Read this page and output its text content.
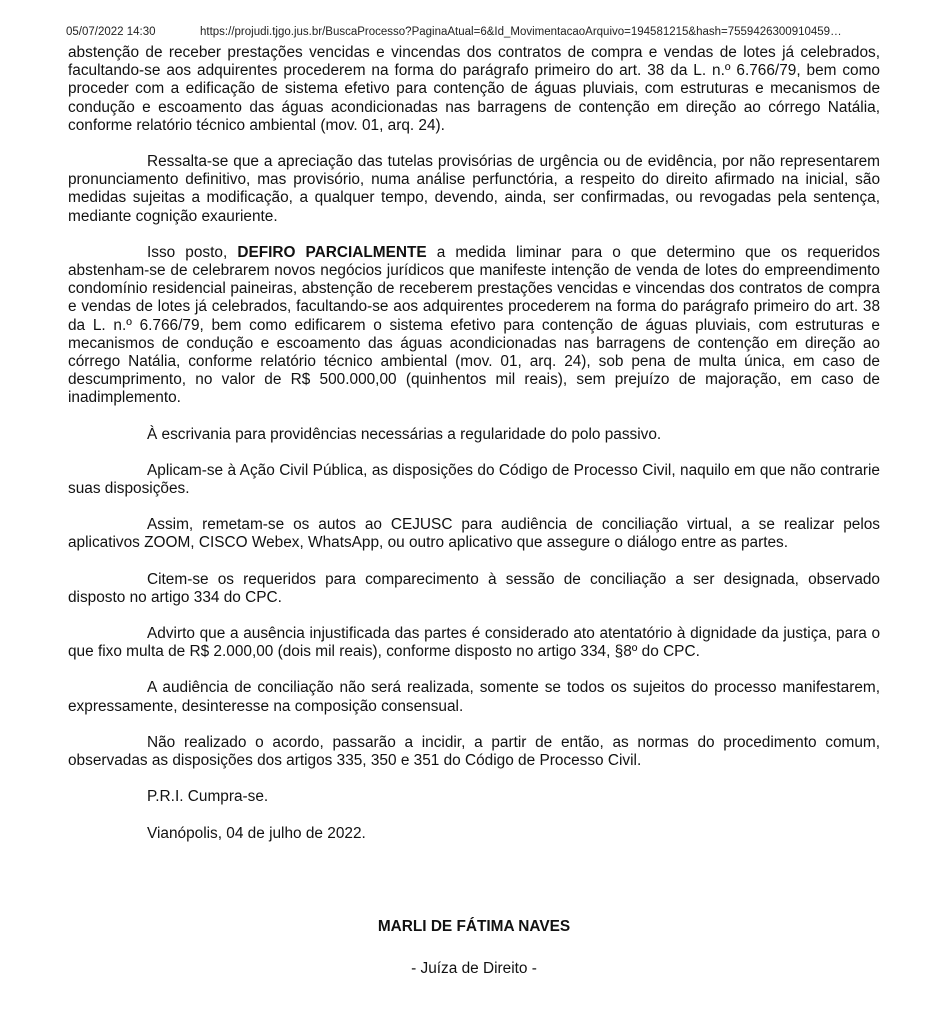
05/07/2022 14:30	https://projudi.tjgo.jus.br/BuscaProcesso?PaginaAtual=6&Id_MovimentacaoArquivo=194581215&hash=7559426300910459…

abstenção de receber prestações vencidas e vincendas dos contratos de compra e vendas de lotes já celebrados, facultando-se aos adquirentes procederem na forma do parágrafo primeiro do art. 38 da L. n.º 6.766/79, bem como proceder com a edificação de sistema efetivo para contenção de águas pluviais, com estruturas e mecanismos de condução e escoamento das águas acondicionadas nas barragens de contenção em direção ao córrego Natália, conforme relatório técnico ambiental (mov. 01, arq. 24).

Ressalta-se que a apreciação das tutelas provisórias de urgência ou de evidência, por não representarem pronunciamento definitivo, mas provisório, numa análise perfunctória, a respeito do direito afirmado na inicial, são medidas sujeitas a modificação, a qualquer tempo, devendo, ainda, ser confirmadas, ou revogadas pela sentença, mediante cognição exauriente.

Isso posto, DEFIRO PARCIALMENTE a medida liminar para o que determino que os requeridos abstenham-se de celebrarem novos negócios jurídicos que manifeste intenção de venda de lotes do empreendimento condomínio residencial paineiras, abstenção de receberem prestações vencidas e vincendas dos contratos de compra e vendas de lotes já celebrados, facultando-se aos adquirentes procederem na forma do parágrafo primeiro do art. 38 da L. n.º 6.766/79, bem como edificarem o sistema efetivo para contenção de águas pluviais, com estruturas e mecanismos de condução e escoamento das águas acondicionadas nas barragens de contenção em direção ao córrego Natália, conforme relatório técnico ambiental (mov. 01, arq. 24), sob pena de multa única, em caso de descumprimento, no valor de R$ 500.000,00 (quinhentos mil reais), sem prejuízo de majoração, em caso de inadimplemento.

À escrivania para providências necessárias a regularidade do polo passivo.

Aplicam-se à Ação Civil Pública, as disposições do Código de Processo Civil, naquilo em que não contrarie suas disposições.

Assim, remetam-se os autos ao CEJUSC para audiência de conciliação virtual, a se realizar pelos aplicativos ZOOM, CISCO Webex, WhatsApp, ou outro aplicativo que assegure o diálogo entre as partes.

Citem-se os requeridos para comparecimento à sessão de conciliação a ser designada, observado disposto no artigo 334 do CPC.

Advirto que a ausência injustificada das partes é considerado ato atentatório à dignidade da justiça, para o que fixo multa de R$ 2.000,00 (dois mil reais), conforme disposto no artigo 334, §8º do CPC.

A audiência de conciliação não será realizada, somente se todos os sujeitos do processo manifestarem, expressamente, desinteresse na composição consensual.

Não realizado o acordo, passarão a incidir, a partir de então, as normas do procedimento comum, observadas as disposições dos artigos 335, 350 e 351 do Código de Processo Civil.

P.R.I. Cumpra-se.

Vianópolis, 04 de julho de 2022.

MARLI DE FÁTIMA NAVES
- Juíza de Direito -
